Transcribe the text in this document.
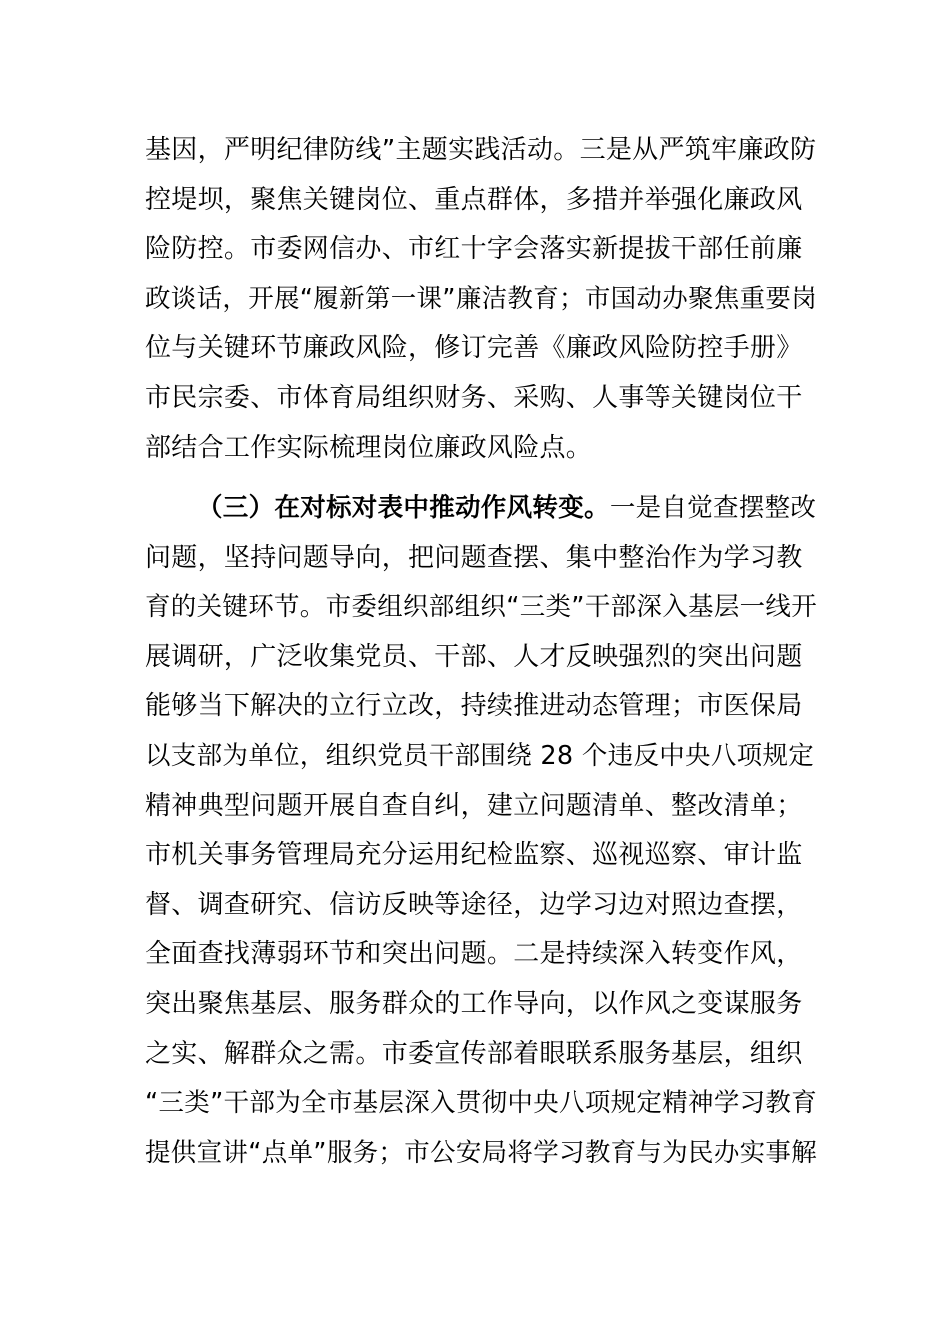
基因，严明纪律防线”主题实践活动。三是从严筑牢廉政防
控堤坝，聚焦关键岗位、重点群体，多措并举强化廉政风
险防控。市委网信办、市红十字会落实新提拔干部任前廉
政谈话，开展“履新第一课”廉洁教育；市国动办聚焦重要岗
位与关键环节廉政风险，修订完善《廉政风险防控手册》
市民宗委、市体育局组织财务、采购、人事等关键岗位干
部结合工作实际梳理岗位廉政风险点。
（三）在对标对表中推动作风转变。一是自觉查摆整改
问题，坚持问题导向，把问题查摆、集中整治作为学习教
育的关键环节。市委组织部组织“三类”干部深入基层一线开
展调研，广泛收集党员、干部、人才反映强烈的突出问题
能够当下解决的立行立改，持续推进动态管理；市医保局
以支部为单位，组织党员干部围绕 28 个违反中央八项规定
精神典型问题开展自查自纠，建立问题清单、整改清单；
市机关事务管理局充分运用纪检监察、巡视巡察、审计监
督、调查研究、信访反映等途径，边学习边对照边查摆，
全面查找薄弱环节和突出问题。二是持续深入转变作风，
突出聚焦基层、服务群众的工作导向，以作风之变谋服务
之实、解群众之需。市委宣传部着眼联系服务基层，组织
“三类”干部为全市基层深入贯彻中央八项规定精神学习教育
提供宣讲“点单”服务；市公安局将学习教育与为民办实事解
